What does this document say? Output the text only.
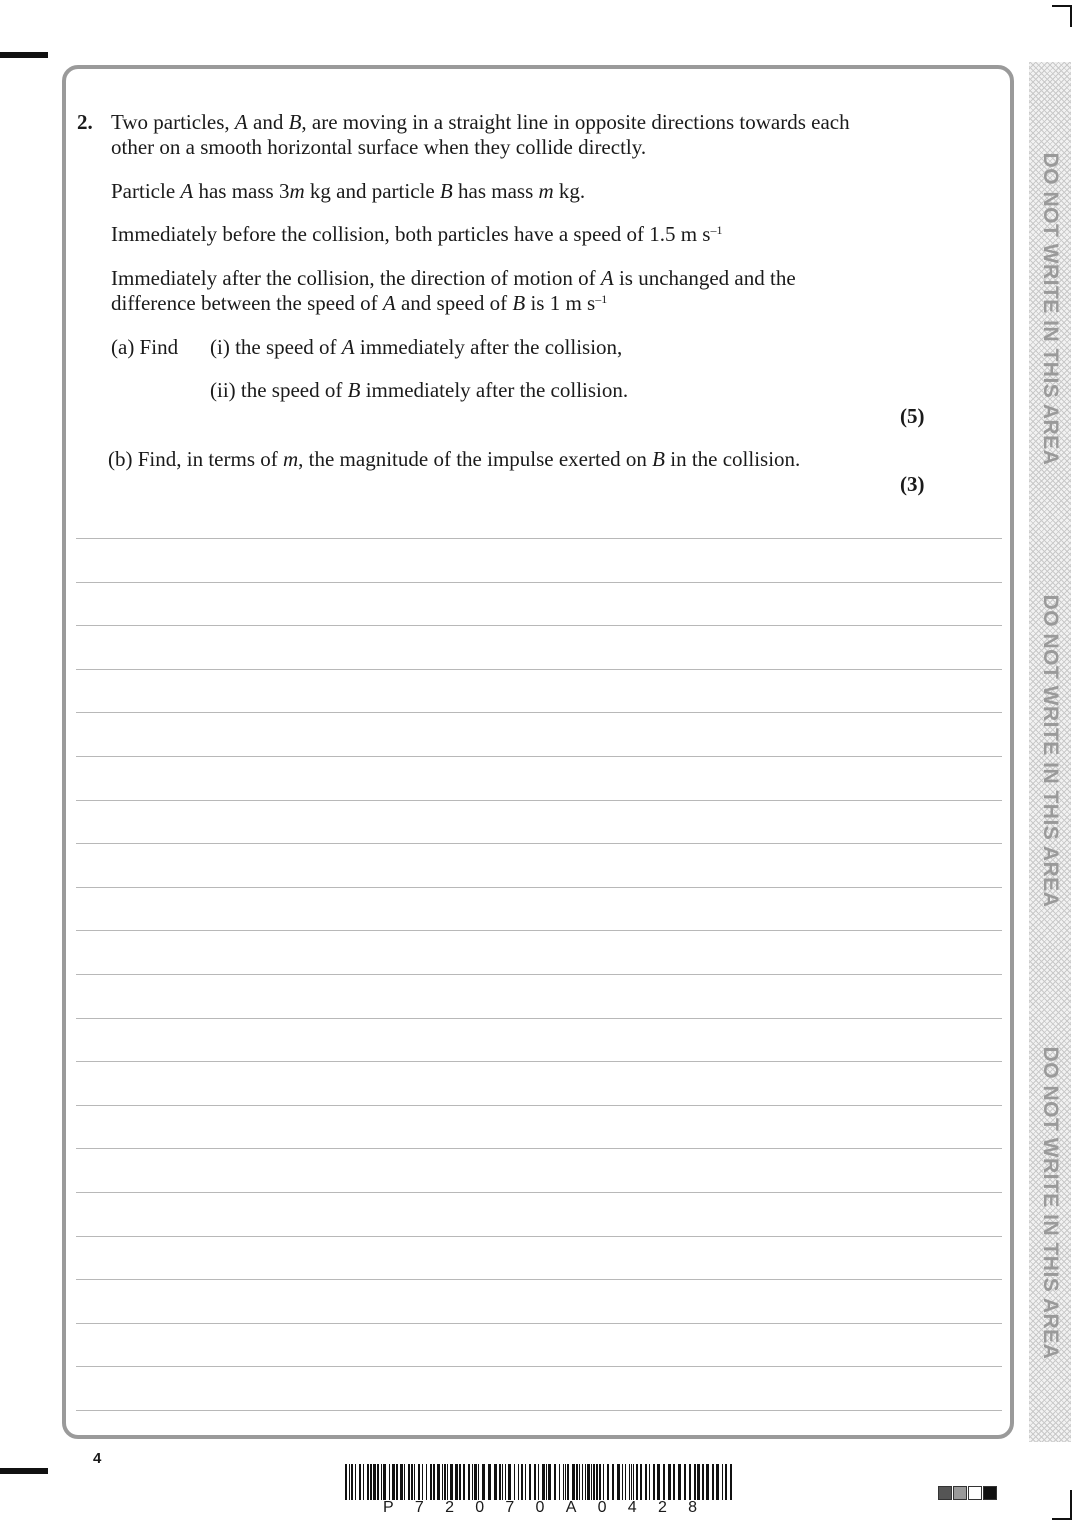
DO NOT WRITE IN THIS AREA
DO NOT WRITE IN THIS AREA
DO NOT WRITE IN THIS AREA
2. Two particles, A and B, are moving in a straight line in opposite directions towards each
other on a smooth horizontal surface when they collide directly.
Particle A has mass 3m kg and particle B has mass m kg.
Immediately before the collision, both particles have a speed of 1.5 m $s^{-1}$
Immediately after the collision, the direction of motion of A is unchanged and the
difference between the speed of A and speed of B is 1 m $s^{-1}$
(a) Find (i) the speed of A immediately after the collision,
(ii) the speed of B immediately after the collision.
(5)
(b) Find, in terms of m, the magnitude of the impulse exerted on B in the collision.
(3)
4
P 7 2 0 7 0 A 0 4 2 8
